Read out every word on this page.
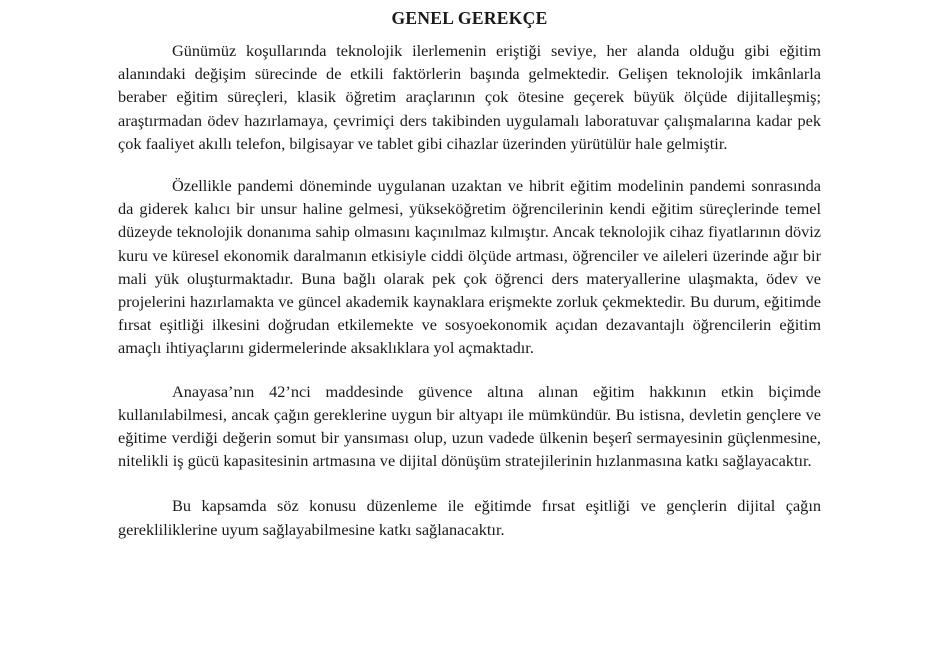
GENEL GEREKÇE

Günümüz koşullarında teknolojik ilerlemenin eriştiği seviye, her alanda olduğu gibi eğitim alanındaki değişim sürecinde de etkili faktörlerin başında gelmektedir. Gelişen teknolojik imkânlarla beraber eğitim süreçleri, klasik öğretim araçlarının çok ötesine geçerek büyük ölçüde dijitalleşmiş; araştırmadan ödev hazırlamaya, çevrimiçi ders takibinden uygulamalı laboratuvar çalışmalarına kadar pek çok faaliyet akıllı telefon, bilgisayar ve tablet gibi cihazlar üzerinden yürütülür hale gelmiştir.

Özellikle pandemi döneminde uygulanan uzaktan ve hibrit eğitim modelinin pandemi sonrasında da giderek kalıcı bir unsur haline gelmesi, yükseköğretim öğrencilerinin kendi eğitim süreçlerinde temel düzeyde teknolojik donanıma sahip olmasını kaçınılmaz kılmıştır. Ancak teknolojik cihaz fiyatlarının döviz kuru ve küresel ekonomik daralmanın etkisiyle ciddi ölçüde artması, öğrenciler ve aileleri üzerinde ağır bir mali yük oluşturmaktadır. Buna bağlı olarak pek çok öğrenci ders materyallerine ulaşmakta, ödev ve projelerini hazırlamakta ve güncel akademik kaynaklara erişmekte zorluk çekmektedir. Bu durum, eğitimde fırsat eşitliği ilkesini doğrudan etkilemekte ve sosyoekonomik açıdan dezavantajlı öğrencilerin eğitim amaçlı ihtiyaçlarını gidermelerinde aksaklıklara yol açmaktadır.

Anayasa’nın 42’nci maddesinde güvence altına alınan eğitim hakkının etkin biçimde kullanılabilmesi, ancak çağın gereklerine uygun bir altyapı ile mümkündür. Bu istisna, devletin gençlere ve eğitime verdiği değerin somut bir yansıması olup, uzun vadede ülkenin beşerî sermayesinin güçlenmesine, nitelikli iş gücü kapasitesinin artmasına ve dijital dönüşüm stratejilerinin hızlanmasına katkı sağlayacaktır.

Bu kapsamda söz konusu düzenleme ile eğitimde fırsat eşitliği ve gençlerin dijital çağın gerekliliklerine uyum sağlayabilmesine katkı sağlanacaktır.
